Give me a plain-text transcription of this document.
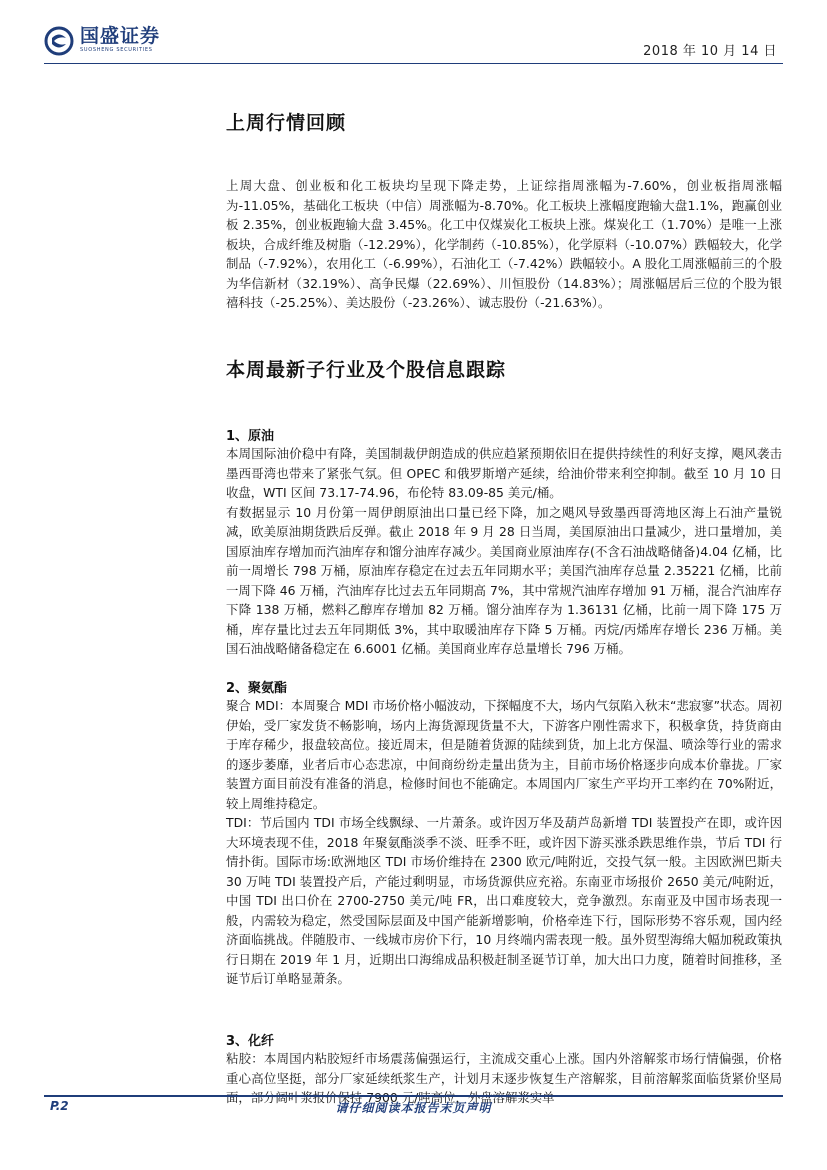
国盛证券
SUOSHENG SECURITIES	2018 年 10 月 14 日
上周行情回顾
上周大盘、创业板和化工板块均呈现下降走势，上证综指周涨幅为-7.60%，创业板指周涨幅为-11.05%，基础化工板块（中信）周涨幅为-8.70%。化工板块上涨幅度跑输大盘1.1%，跑赢创业板 2.35%，创业板跑输大盘 3.45%。化工中仅煤炭化工板块上涨。煤炭化工（1.70%）是唯一上涨板块，合成纤维及树脂（-12.29%），化学制药（-10.85%），化学原料（-10.07%）跌幅较大，化学制品（-7.92%），农用化工（-6.99%），石油化工（-7.42%）跌幅较小。A 股化工周涨幅前三的个股为华信新材（32.19%）、高争民爆（22.69%）、川恒股份（14.83%）；周涨幅居后三位的个股为银禧科技（-25.25%）、美达股份（-23.26%）、诚志股份（-21.63%）。
本周最新子行业及个股信息跟踪
1、原油

本周国际油价稳中有降，美国制裁伊朗造成的供应趋紧预期依旧在提供持续性的利好支撑，飓风袭击墨西哥湾也带来了紧张气氛。但 OPEC 和俄罗斯增产延续，给油价带来利空抑制。截至 10 月 10 日收盘，WTI 区间 73.17-74.96，布伦特 83.09-85 美元/桶。

有数据显示 10 月份第一周伊朗原油出口量已经下降，加之飓风导致墨西哥湾地区海上石油产量锐减，欧美原油期货跌后反弹。截止 2018 年 9 月 28 日当周，美国原油出口量减少，进口量增加，美国原油库存增加而汽油库存和馏分油库存减少。美国商业原油库存(不含石油战略储备)4.04 亿桶，比前一周增长 798 万桶，原油库存稳定在过去五年同期水平；美国汽油库存总量 2.35221 亿桶，比前一周下降 46 万桶，汽油库存比过去五年同期高 7%，其中常规汽油库存增加 91 万桶，混合汽油库存下降 138 万桶，燃料乙醇库存增加 82 万桶。馏分油库存为 1.36131 亿桶，比前一周下降 175 万桶，库存量比过去五年同期低 3%，其中取暖油库存下降 5 万桶。丙烷/丙烯库存增长 236 万桶。美国石油战略储备稳定在 6.6001 亿桶。美国商业库存总量增长 796 万桶。

2、聚氨酯

聚合 MDI：本周聚合 MDI 市场价格小幅波动，下探幅度不大，场内气氛陷入秋末“悲寂寥”状态。周初伊始，受厂家发货不畅影响，场内上海货源现货量不大，下游客户刚性需求下，积极拿货，持货商由于库存稀少，报盘较高位。接近周末，但是随着货源的陆续到货，加上北方保温、喷涂等行业的需求的逐步萎靡，业者后市心态悲凉，中间商纷纷走量出货为主，目前市场价格逐步向成本价靠拢。厂家装置方面目前没有准备的消息，检修时间也不能确定。本周国内厂家生产平均开工率约在 70%附近，较上周维持稳定。

TDI：节后国内 TDI 市场全线飘绿、一片萧条。或许因万华及葫芦岛新增 TDI 装置投产在即，或许因大环境表现不佳，2018 年聚氨酯淡季不淡、旺季不旺，或许因下游买涨杀跌思维作祟，节后 TDI 行情扑街。国际市场:欧洲地区 TDI 市场价维持在 2300 欧元/吨附近，交投气氛一般。主因欧洲巴斯夫 30 万吨 TDI 装置投产后，产能过剩明显，市场货源供应充裕。东南亚市场报价 2650 美元/吨附近，中国 TDI 出口价在 2700-2750 美元/吨 FR，出口难度较大，竞争激烈。东南亚及中国市场表现一般，内需较为稳定，然受国际层面及中国产能新增影响，价格牵连下行，国际形势不容乐观，国内经济面临挑战。伴随股市、一线城市房价下行，10 月终端内需表现一般。虽外贸型海绵大幅加税政策执行日期在 2019 年 1 月，近期出口海绵成品积极赶制圣诞节订单，加大出口力度，随着时间推移，圣诞节后订单略显萧条。

3、化纤

粘胶：本周国内粘胶短纤市场震荡偏强运行，主流成交重心上涨。国内外溶解浆市场行情偏强，价格重心高位坚挺，部分厂家延续纸浆生产，计划月末逐步恢复生产溶解浆，目前溶解浆面临货紧价坚局面，部分阔叶浆报价保持 7900 元/吨高位，外盘溶解浆实单

P.2	请仔细阅读本报告末页声明
